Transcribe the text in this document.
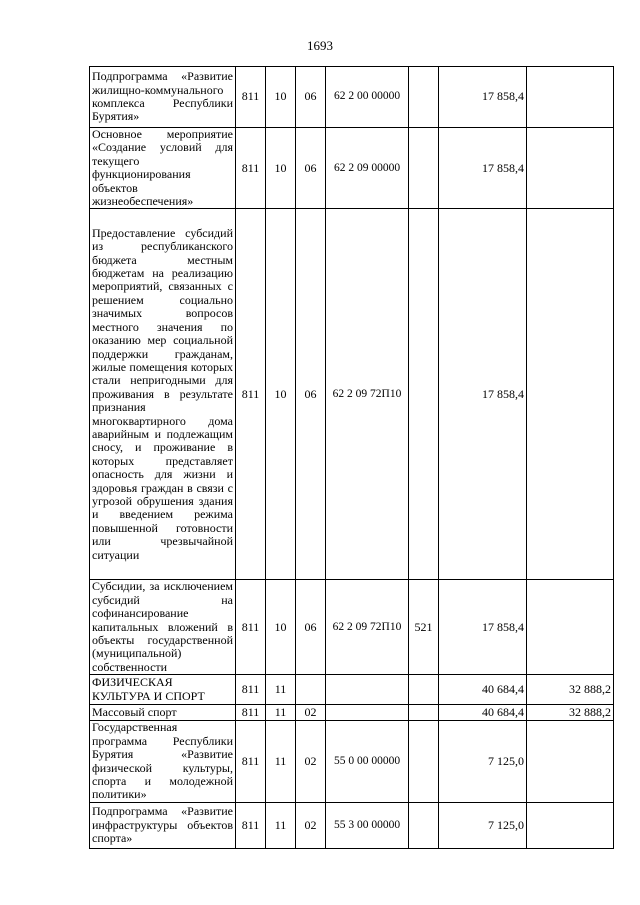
1693
Подпрограмма «Развитие жилищно-коммунального комплекса Республики Бурятия»	811	10	06	62 2 00 00000		17 858,4	
Основное мероприятие «Создание условий для текущего функционирования объектов жизнеобеспечения»	811	10	06	62 2 09 00000		17 858,4	
Предоставление субсидий из республиканского бюджета местным бюджетам на реализацию мероприятий, связанных с решением социально значимых вопросов местного значения по оказанию мер социальной поддержки гражданам, жилые помещения которых стали непригодными для проживания в результате признания многоквартирного дома аварийным и подлежащим сносу, и проживание в которых представляет опасность для жизни и здоровья граждан в связи с угрозой обрушения здания и введением режима повышенной готовности или чрезвычайной ситуации	811	10	06	62 2 09 72П10		17 858,4	
Субсидии, за исключением субсидий на софинансирование капитальных вложений в объекты государственной (муниципальной) собственности	811	10	06	62 2 09 72П10	521	17 858,4	
ФИЗИЧЕСКАЯ КУЛЬТУРА И СПОРТ	811	11				40 684,4	32 888,2
Массовый спорт	811	11	02			40 684,4	32 888,2
Государственная программа Республики Бурятия «Развитие физической культуры, спорта и молодежной политики»	811	11	02	55 0 00 00000		7 125,0	
Подпрограмма «Развитие инфраструктуры объектов спорта»	811	11	02	55 3 00 00000		7 125,0	
